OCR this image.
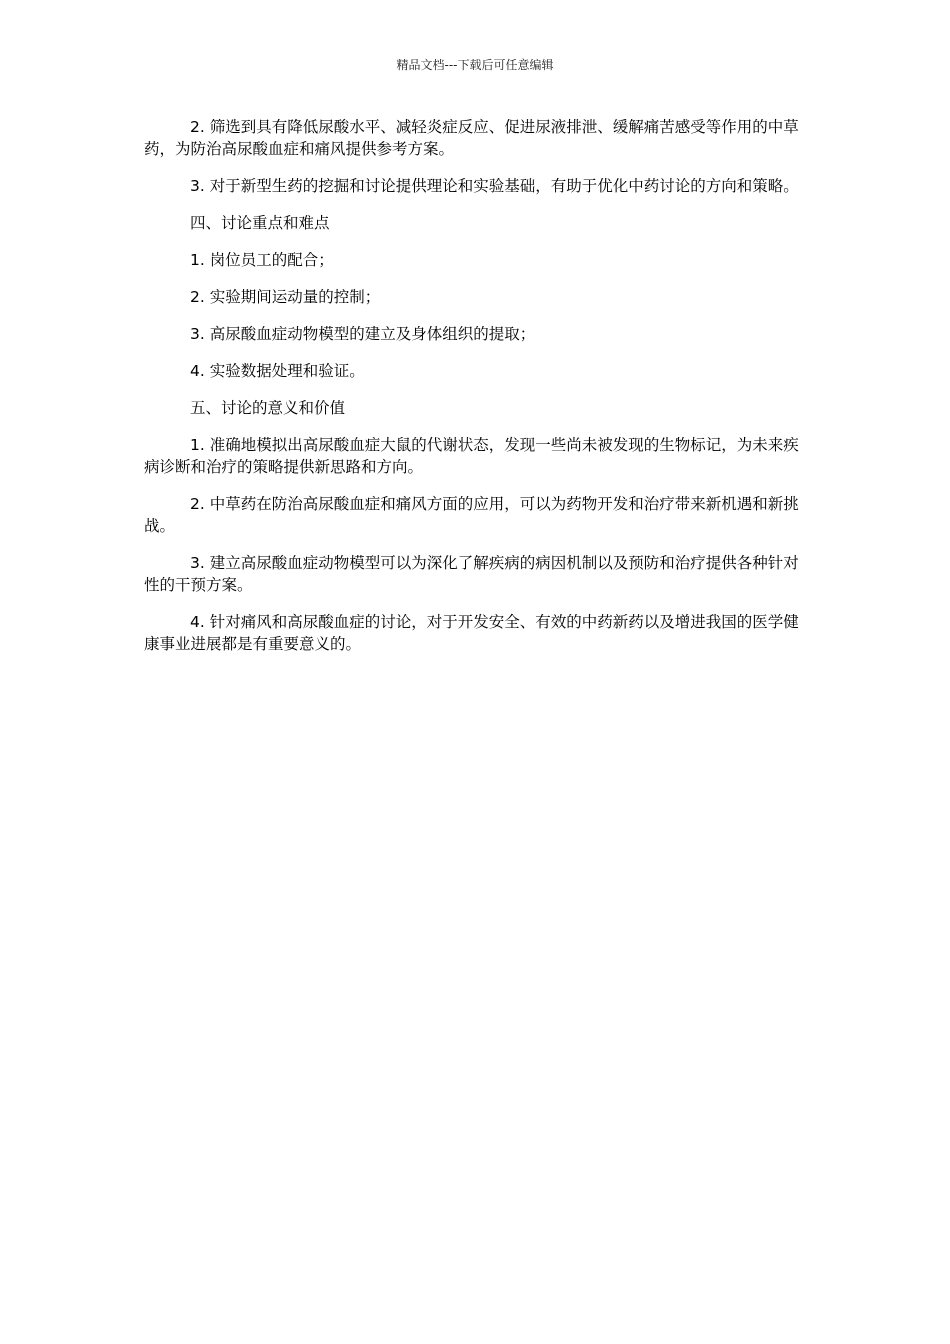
精品文档---下载后可任意编辑

2. 筛选到具有降低尿酸水平、减轻炎症反应、促进尿液排泄、缓解痛苦感受等作用的中草药，为防治高尿酸血症和痛风提供参考方案。

3. 对于新型生药的挖掘和讨论提供理论和实验基础，有助于优化中药讨论的方向和策略。

四、讨论重点和难点

1. 岗位员工的配合；

2. 实验期间运动量的控制；

3. 高尿酸血症动物模型的建立及身体组织的提取；

4. 实验数据处理和验证。

五、讨论的意义和价值

1. 准确地模拟出高尿酸血症大鼠的代谢状态，发现一些尚未被发现的生物标记，为未来疾病诊断和治疗的策略提供新思路和方向。

2. 中草药在防治高尿酸血症和痛风方面的应用，可以为药物开发和治疗带来新机遇和新挑战。

3. 建立高尿酸血症动物模型可以为深化了解疾病的病因机制以及预防和治疗提供各种针对性的干预方案。

4. 针对痛风和高尿酸血症的讨论，对于开发安全、有效的中药新药以及增进我国的医学健康事业进展都是有重要意义的。
